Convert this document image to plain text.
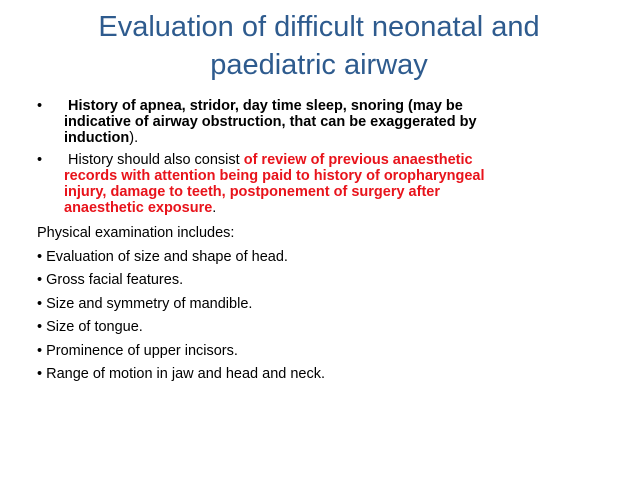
Evaluation of difficult neonatal and
paediatric airway
• History of apnea, stridor, day time sleep, snoring (may be
indicative of airway obstruction, that can be exaggerated by
induction).
• History should also consist of review of previous anaesthetic
records with attention being paid to history of oropharyngeal
injury, damage to teeth, postponement of surgery after
anaesthetic exposure.
Physical examination includes:
• Evaluation of size and shape of head.
• Gross facial features.
• Size and symmetry of mandible.
• Size of tongue.
• Prominence of upper incisors.
• Range of motion in jaw and head and neck.
